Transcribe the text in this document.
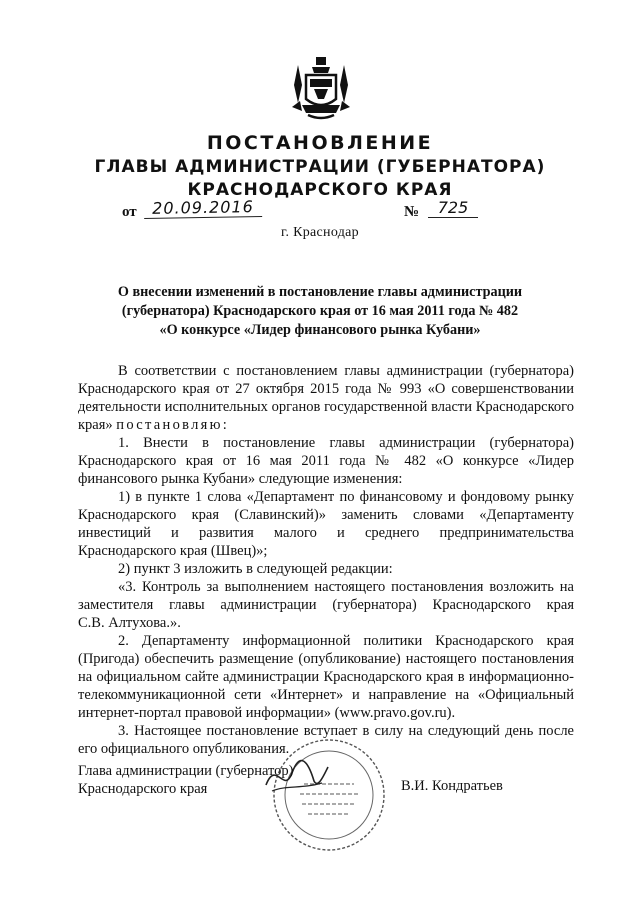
ПОСТАНОВЛЕНИЕ
ГЛАВЫ АДМИНИСТРАЦИИ (ГУБЕРНАТОРА)
КРАСНОДАРСКОГО КРАЯ
от 20.09.2016	№	725
г. Краснодар
О внесении изменений в постановление главы администрации
(губернатора) Краснодарского края от 16 мая 2011 года № 482
«О конкурсе «Лидер финансового рынка Кубани»
В соответствии с постановлением главы администрации (губернатора)
Краснодарского края от 27 октября 2015 года № 993 «О совершенствовании
деятельности исполнительных органов государственной власти Краснодарского
края» постановляю:
1. Внести в постановление главы администрации (губернатора)
Краснодарского края от 16 мая 2011 года № 482 «О конкурсе «Лидер
финансового рынка Кубани» следующие изменения:
1) в пункте 1 слова «Департамент по финансовому и фондовому рынку
Краснодарского края (Славинский)» заменить словами «Департаменту
инвестиций и развития малого и среднего предпринимательства
Краснодарского края (Швец)»;
2) пункт 3 изложить в следующей редакции:
«3. Контроль за выполнением настоящего постановления возложить на
заместителя главы администрации (губернатора) Краснодарского края
С.В. Алтухова.».
2. Департаменту информационной политики Краснодарского края
(Пригода) обеспечить размещение (опубликование) настоящего постановления
на официальном сайте администрации Краснодарского края в информационно-
телекоммуникационной сети «Интернет» и направление на «Официальный
интернет-портал правовой информации» (www.pravo.gov.ru).
3. Настоящее постановление вступает в силу на следующий день после
его официального опубликования.
Глава администрации (губернатор)
Краснодарского края	В.И. Кондратьев
